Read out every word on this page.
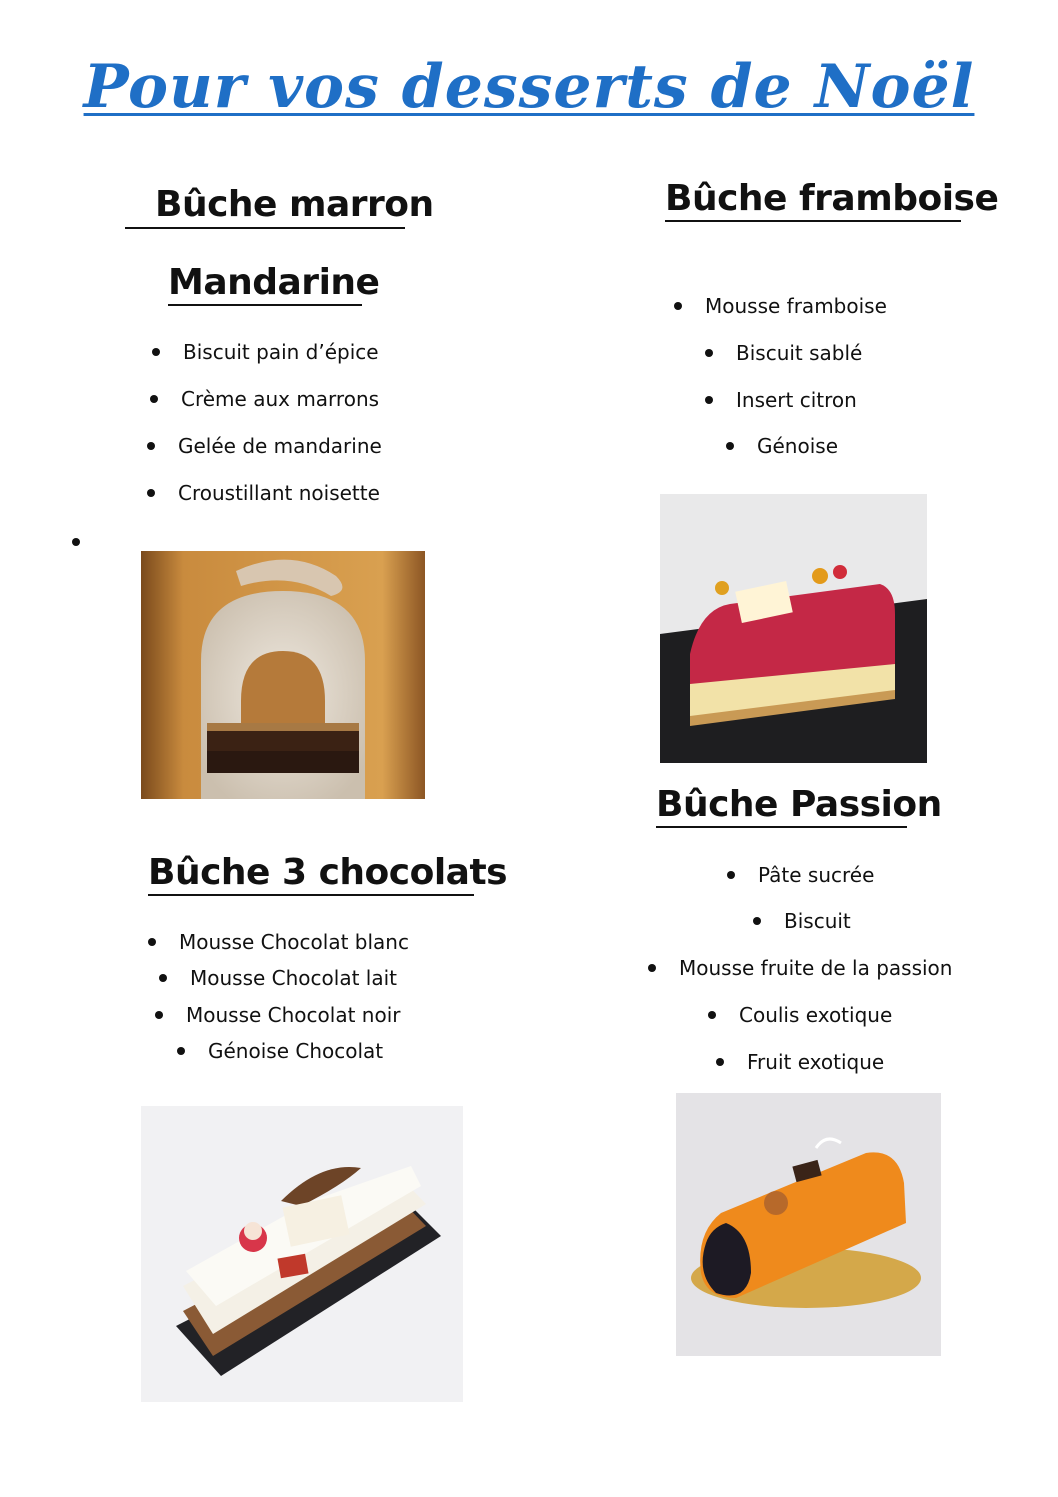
Pour vos desserts de Noël
Bûche marron
Mandarine
Biscuit pain d’épice
Crème aux marrons
Gelée de mandarine
Croustillant noisette
Bûche framboise
Mousse framboise
Biscuit sablé
Insert citron
Génoise
Bûche Passion
Pâte sucrée
Biscuit
Mousse fruite de la passion
Coulis exotique
Fruit exotique
Bûche 3 chocolats
Mousse Chocolat blanc
Mousse Chocolat lait
Mousse Chocolat noir
Génoise Chocolat
